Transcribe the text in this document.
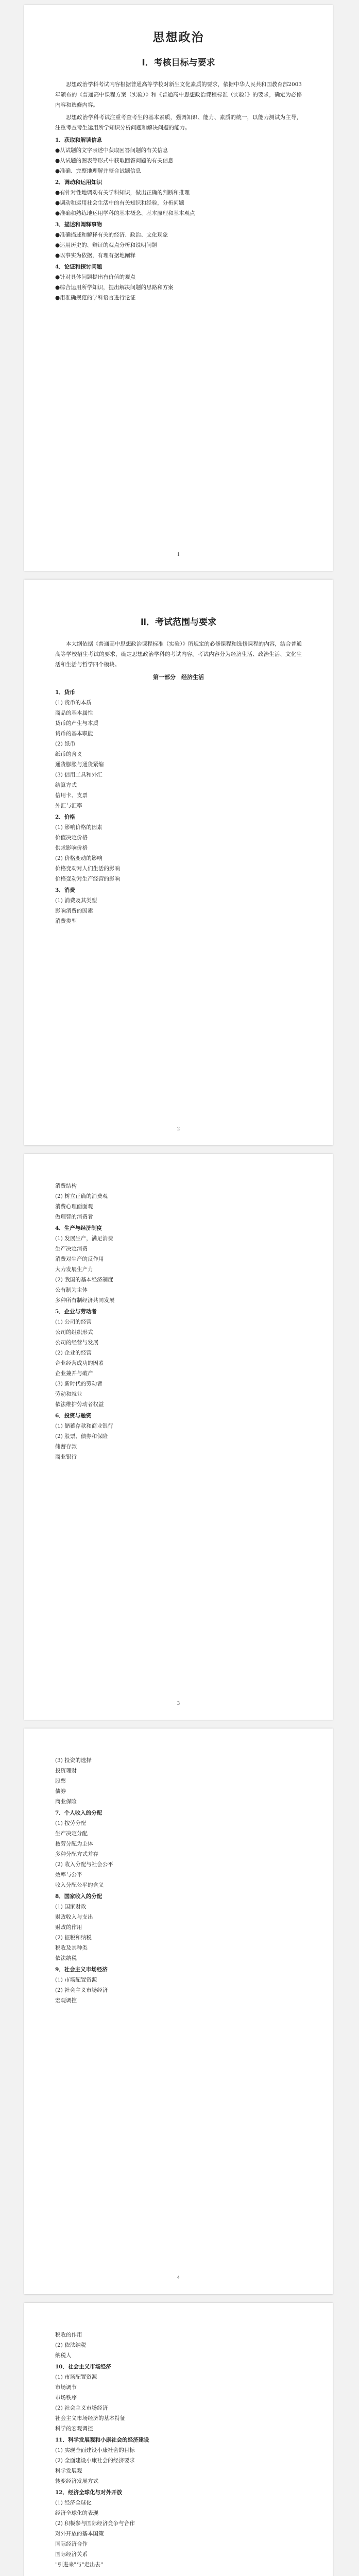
思想政治
Ⅰ．考核目标与要求

思想政治学科考试内容根据普通高等学校对新生文化素质的要求，依据中华人民共和国教育部2003年颁布的《普通高中课程方案（实验）》和《普通高中思想政治课程标准（实验）》的要求，确定为必修内容和选修内容。

思想政治学科考试注重考查考生的基本素质，强调知识、能力、素质的统一，以能力测试为主导，注重考查考生运用所学知识分析问题和解决问题的能力。

1．获取和解读信息
●从试题的文字表述中获取回答问题的有关信息
●从试题的图表等形式中获取回答问题的有关信息
●准确、完整地理解并整合试题信息
2．调动和运用知识
●有针对性地调动有关学科知识，做出正确的判断和推理
●调动和运用社会生活中的有关知识和经验，分析问题
●准确和熟练地运用学科的基本概念、基本原理和基本观点
3．描述和阐释事物
●准确描述和解释有关的经济、政治、文化现象
●运用历史的、辩证的观点分析和说明问题
●以事实为依据，有理有据地阐释
4．论证和探讨问题
●针对具体问题提出有价值的观点
●综合运用所学知识，提出解决问题的思路和方案
●用准确规范的学科语言进行论证
1
Ⅱ．考试范围与要求

本大纲依据《普通高中思想政治课程标准（实验）》所规定的必修课程和选修课程的内容，结合普通高等学校招生考试的要求，确定思想政治学科的考试内容。考试内容分为经济生活、政治生活、文化生活和生活与哲学四个模块。

第一部分　经济生活
1．货币
(1) 货币的本质
商品的基本属性
货币的产生与本质
货币的基本职能
(2) 纸币
纸币的含义
通货膨胀与通货紧缩
(3) 信用工具和外汇
结算方式
信用卡、支票
外汇与汇率
2．价格
(1) 影响价格的因素
价值决定价格
供求影响价格
(2) 价格变动的影响
价格变动对人们生活的影响
价格变动对生产经营的影响
3．消费
(1) 消费及其类型
影响消费的因素
消费类型
2
消费结构
(2) 树立正确的消费观
消费心理面面观
做理智的消费者
4．生产与经济制度
(1) 发展生产，满足消费
生产决定消费
消费对生产的反作用
大力发展生产力
(2) 我国的基本经济制度
公有制为主体
多种所有制经济共同发展
5．企业与劳动者
(1) 公司的经营
公司的组织形式
公司的经营与发展
(2) 企业的经营
企业经营成功的因素
企业兼并与破产
(3) 新时代的劳动者
劳动和就业
依法维护劳动者权益
6．投资与融资
(1) 储蓄存款和商业银行
(2) 股票、债券和保险
储蓄存款
商业银行
3
(3) 投资的选择
投资理财
股票
债券
商业保险
7．个人收入的分配
(1) 按劳分配
生产决定分配
按劳分配为主体
多种分配方式并存
(2) 收入分配与社会公平
效率与公平
收入分配公平的含义
8．国家收入的分配
(1) 国家财政
财政收入与支出
财政的作用
(2) 征税和纳税
税收及其种类
依法纳税
9．社会主义市场经济
(1) 市场配置资源
(2) 社会主义市场经济
宏观调控
4
税收的作用
(2) 依法纳税
纳税人
10．社会主义市场经济
(1) 市场配置资源
市场调节
市场秩序
(2) 社会主义市场经济
社会主义市场经济的基本特征
科学的宏观调控
11．科学发展观和小康社会的经济建设
(1) 实现全面建设小康社会的目标
(2) 全面建设小康社会的经济要求
科学发展观
转变经济发展方式
12．经济全球化与对外开放
(1) 经济全球化
经济全球化的表现
(2) 积极参与国际经济竞争与合作
对外开放的基本国策
国际经济合作
国际经济关系
"引进来"与"走出去"
